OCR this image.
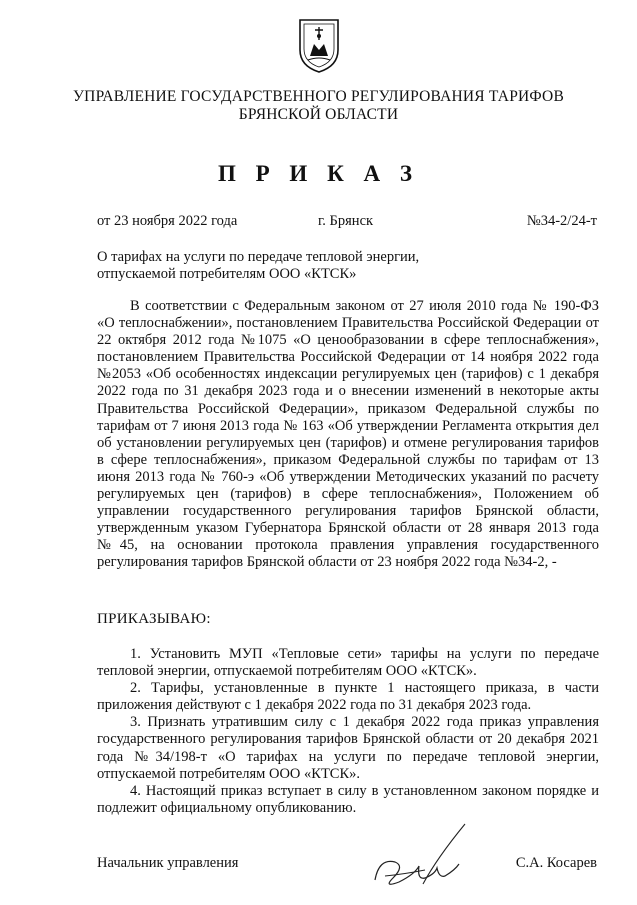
УПРАВЛЕНИЕ ГОСУДАРСТВЕННОГО РЕГУЛИРОВАНИЯ ТАРИФОВ
БРЯНСКОЙ ОБЛАСТИ
П Р И К А З
от 23 ноября 2022 года	г. Брянск	№34-2/24-т
О тарифах на услуги по передаче тепловой энергии,
отпускаемой потребителям ООО «КТСК»

В соответствии с Федеральным законом от 27 июля 2010 года № 190-ФЗ «О теплоснабжении», постановлением Правительства Российской Федерации от 22 октября 2012 года №1075 «О ценообразовании в сфере теплоснабжения», постановлением Правительства Российской Федерации от 14 ноября 2022 года №2053 «Об особенностях индексации регулируемых цен (тарифов) с 1 декабря 2022 года по 31 декабря 2023 года и о внесении изменений в некоторые акты Правительства Российской Федерации», приказом Федеральной службы по тарифам от 7 июня 2013 года № 163 «Об утверждении Регламента открытия дел об установлении регулируемых цен (тарифов) и отмене регулирования тарифов в сфере теплоснабжения», приказом Федеральной службы по тарифам от 13 июня 2013 года № 760-э «Об утверждении Методических указаний по расчету регулируемых цен (тарифов) в сфере теплоснабжения», Положением об управлении государственного регулирования тарифов Брянской области, утвержденным указом Губернатора Брянской области от 28 января 2013 года №45, на основании протокола правления управления государственного регулирования тарифов Брянской области от 23 ноября 2022 года №34-2, -

ПРИКАЗЫВАЮ:

1. Установить МУП «Тепловые сети» тарифы на услуги по передаче тепловой энергии, отпускаемой потребителям ООО «КТСК».

2. Тарифы, установленные в пункте 1 настоящего приказа, в части приложения действуют с 1 декабря 2022 года по 31 декабря 2023 года.

3. Признать утратившим силу с 1 декабря 2022 года приказ управления государственного регулирования тарифов Брянской области от 20 декабря 2021 года №34/198-т «О тарифах на услуги по передаче тепловой энергии, отпускаемой потребителям ООО «КТСК».

4. Настоящий приказ вступает в силу в установленном законом порядке и подлежит официальному опубликованию.

Начальник управления	С.А. Косарев
